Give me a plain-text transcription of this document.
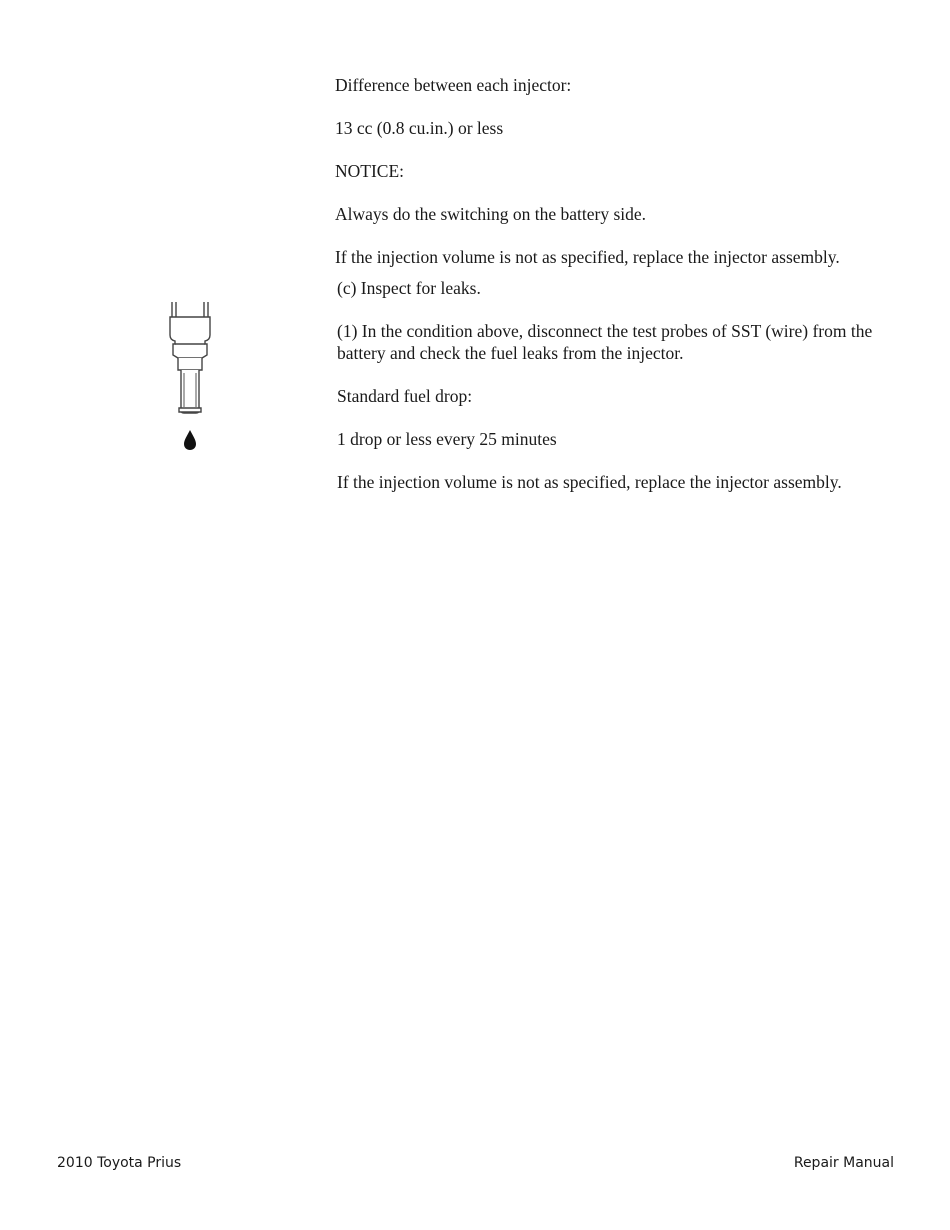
Difference between each injector:

13 cc (0.8 cu.in.) or less

NOTICE:

Always do the switching on the battery side.

If the injection volume is not as specified, replace the injector assembly.

(c) Inspect for leaks.

(1) In the condition above, disconnect the test probes of SST (wire) from the battery and check the fuel leaks from the injector.

Standard fuel drop:

1 drop or less every 25 minutes

If the injection volume is not as specified, replace the injector assembly.

2010 Toyota Prius	Repair Manual
